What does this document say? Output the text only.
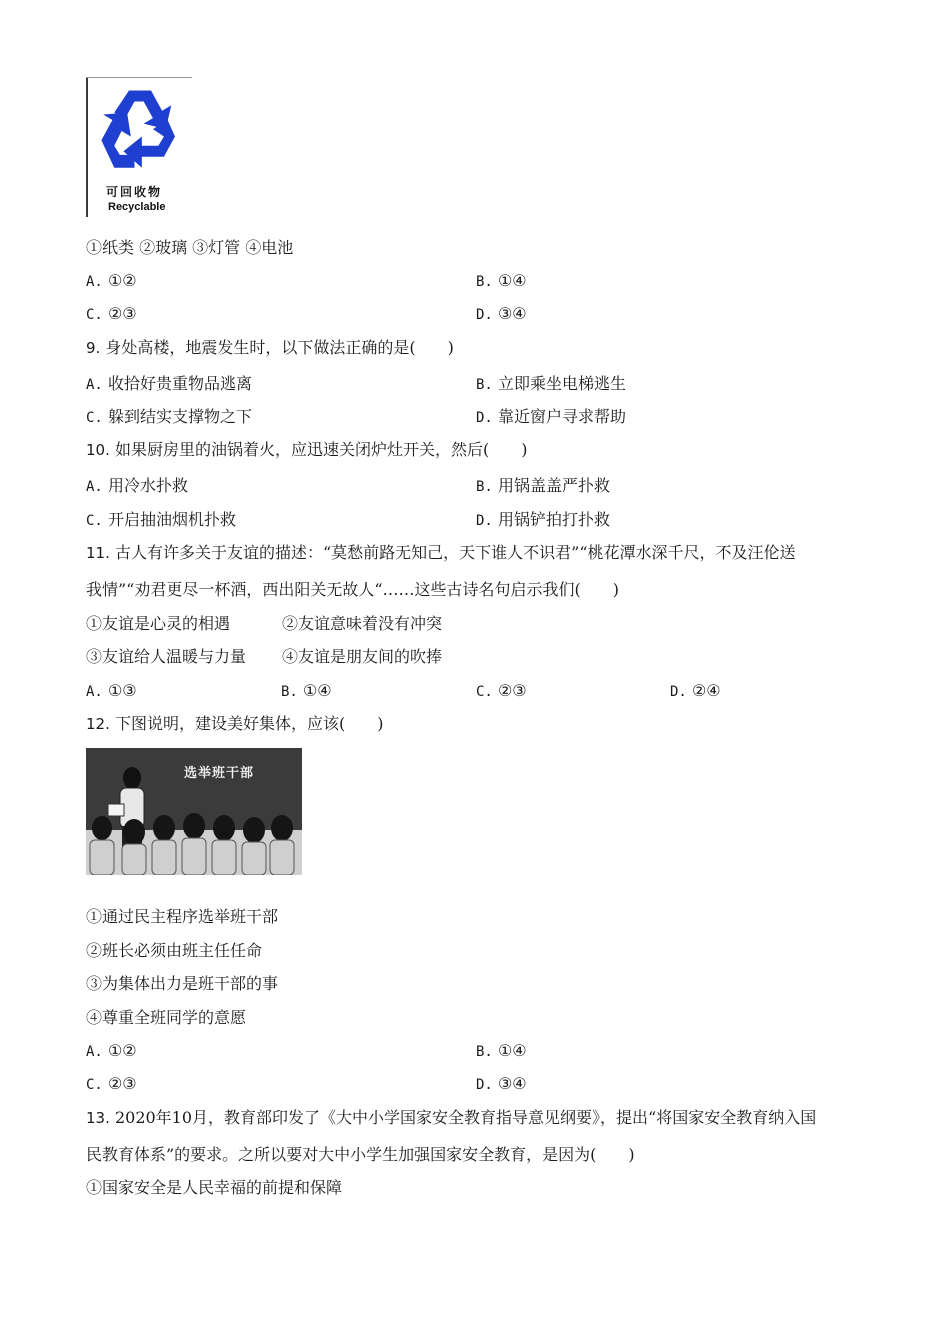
可回收物
Recyclable
①纸类 ②玻璃 ③灯管 ④电池
A. ①②	B. ①④
C. ②③	D. ③④
9. 身处高楼，地震发生时，以下做法正确的是(　　)
A. 收拾好贵重物品逃离	B. 立即乘坐电梯逃生
C. 躲到结实支撑物之下	D. 靠近窗户寻求帮助
10. 如果厨房里的油锅着火，应迅速关闭炉灶开关，然后(　　)
A. 用冷水扑救	B. 用锅盖盖严扑救
C. 开启抽油烟机扑救	D. 用锅铲拍打扑救
11. 古人有许多关于友谊的描述：“莫愁前路无知己，天下谁人不识君”“桃花潭水深千尺，不及汪伦送
我情”“劝君更尽一杯酒，西出阳关无故人“……这些古诗名句启示我们(　　)
①友谊是心灵的相遇	②友谊意味着没有冲突
③友谊给人温暖与力量 ④友谊是朋友间的吹捧
A. ①③	B. ①④	C. ②③	D. ②④
12. 下图说明，建设美好集体，应该(　　)
选举班干部
①通过民主程序选举班干部
②班长必须由班主任任命
③为集体出力是班干部的事
④尊重全班同学的意愿
A. ①②	B. ①④
C. ②③	D. ③④
13. 2020年10月，教育部印发了《大中小学国家安全教育指导意见纲要》，提出“将国家安全教育纳入国
民教育体系”的要求。之所以要对大中小学生加强国家安全教育，是因为(　　)
①国家安全是人民幸福的前提和保障
